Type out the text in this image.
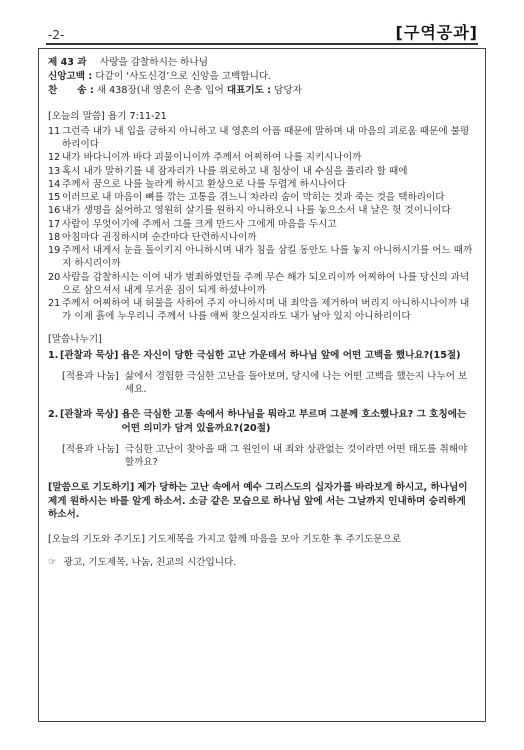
-2-	[구역공과]
제 43 과 사랑을 감찰하시는 하나님
신앙고백 : 다같이 ‘사도신경’으로 신앙을 고백합니다.
찬      송 : 새 438장(내 영혼이 은총 입어 대표기도 : 담당자
[오늘의 말씀] 욥기 7:11-21
11 그런즉 내가 내 입을 금하지 아니하고 내 영혼의 아픔 때문에 말하며 내 마음의 괴로움 때문에 불평하리이다
12 내가 바다니이까 바다 괴물이니이까 주께서 어찌하여 나를 지키시나이까
13 혹시 내가 말하기를 내 잠자리가 나를 위로하고 내 침상이 내 수심을 풀리라 할 때에
14 주께서 꿈으로 나를 놀라게 하시고 환상으로 나를 두렵게 하시나이다
15 이러므로 내 마음이 뼈를 깎는 고통을 겪느니 차라리 숨이 막히는 것과 죽는 것을 택하리이다
16 내가 생명을 싫어하고 영원히 살기를 원하지 아니하오니 나를 놓으소서 내 날은 헛 것이니이다
17 사람이 무엇이기에 주께서 그를 크게 만드사 그에게 마음을 두시고
18 아침마다 권징하시며 순간마다 단련하시나이까
19 주께서 내게서 눈을 돌이키지 아니하시며 내가 침을 삼킬 동안도 나를 놓지 아니하시기를 어느 때까지 하시리이까
20 사람을 감찰하시는 이여 내가 범죄하였던들 주께 무슨 해가 되오리이까 어찌하여 나를 당신의 과녁으로 삼으셔서 내게 무거운 짐이 되게 하셨나이까
21 주께서 어찌하여 내 허물을 사하여 주지 아니하시며 내 죄악을 제거하여 버리지 아니하시나이까 내가 이제 흙에 누우리니 주께서 나를 애써 찾으실지라도 내가 남아 있지 아니하리이다
[말씀나누기]
1. [관찰과 묵상] 욥은 자신이 당한 극심한 고난 가운데서 하나님 앞에 어떤 고백을 했나요?(15절)
[적용과 나눔] 삶에서 경험한 극심한 고난을 돌아보며, 당시에 나는 어떤 고백을 했는지 나누어 보세요.
2. [관찰과 묵상] 욥은 극심한 고통 속에서 하나님을 뭐라고 부르며 그분께 호소했나요? 그 호칭에는 어떤 의미가 담겨 있을까요?(20절)
[적용과 나눔] 극심한 고난이 찾아올 때 그 원인이 내 죄와 상관없는 것이라면 어떤 태도를 취해야 할까요?
[말씀으로 기도하기] 제가 당하는 고난 속에서 예수 그리스도의 십자가를 바라보게 하시고, 하나님이 제게 원하시는 바를 알게 하소서. 소금 같은 모습으로 하나님 앞에 서는 그날까지 인내하며 승리하게 하소서.
[오늘의 기도와 주기도] 기도제목을 가지고 함께 마음을 모아 기도한 후 주기도문으로
☞ 광고, 기도제목, 나눔, 친교의 시간입니다.
